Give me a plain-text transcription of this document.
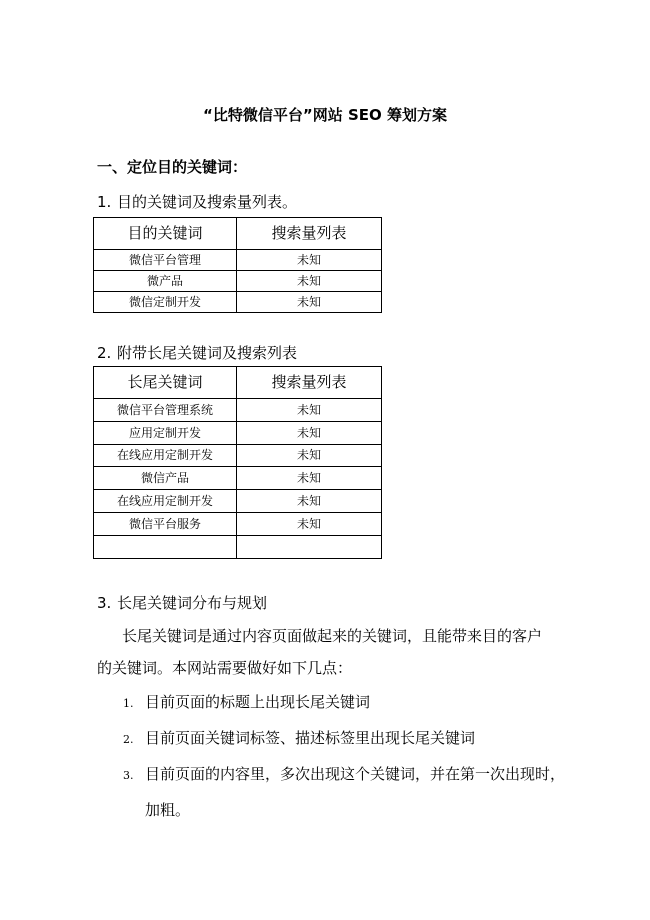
“比特微信平台”网站 SEO 筹划方案
一、定位目的关键词：
1. 目的关键词及搜索量列表。
目的关键词	搜索量列表
微信平台管理	未知
微产品	未知
微信定制开发	未知
2. 附带长尾关键词及搜索列表
长尾关键词	搜索量列表
微信平台管理系统	未知
应用定制开发	未知
在线应用定制开发	未知
微信产品	未知
在线应用定制开发	未知
微信平台服务	未知

3. 长尾关键词分布与规划
长尾关键词是通过内容页面做起来的关键词，且能带来目的客户
的关键词。本网站需要做好如下几点：
1. 目前页面的标题上出现长尾关键词
2. 目前页面关键词标签、描述标签里出现长尾关键词
3. 目前页面的内容里，多次出现这个关键词，并在第一次出现时，
加粗。
